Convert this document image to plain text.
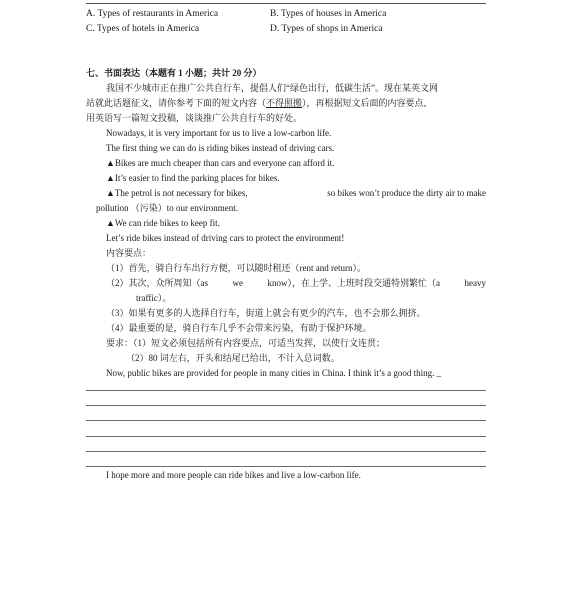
A. Types of restaurants in America	B. Types of houses in America
C. Types of hotels in America	D. Types of shops in America
七、书面表达（本题有 1 小题；共计 20 分）
我国不少城市正在推广公共自行车，提倡人们“绿色出行，低碳生活”。现在某英文网
站就此话题征文，请你参考下面的短文内容（不得照搬），再根据短文后面的内容要点，
用英语写一篇短文投稿，谈谈推广公共自行车的好处。
Nowadays, it is very important for us to live a low-carbon life.
The first thing we can do is riding bikes instead of driving cars.
▲Bikes are much cheaper than cars and everyone can afford it.
▲It’s easier to find the parking places for bikes.
▲The petrol is not necessary for bikes,	so bikes won’t produce the dirty air to make
pollution （污染）to our environment.
▲We can ride bikes to keep fit.
Let’s ride bikes instead of driving cars to protect the environment!
内容要点：
（1）首先，骑自行车出行方便，可以随时租还（rent and return）。
（2）其次，众所周知（as	we	know），在上学、上班时段交通特别繁忙（a	heavy
traffic）。
（3）如果有更多的人选择自行车，街道上就会有更少的汽车，也不会那么拥挤。
（4）最重要的是，骑自行车几乎不会带来污染，有助于保护环境。
要求：（1）短文必须包括所有内容要点，可适当发挥，以使行文连贯；
（2）80 词左右，开头和结尾已给出，不计入总词数。
Now, public bikes are provided for people in many cities in China. I think it’s a good thing. _
I hope more and more people can ride bikes and live a low-carbon life.
